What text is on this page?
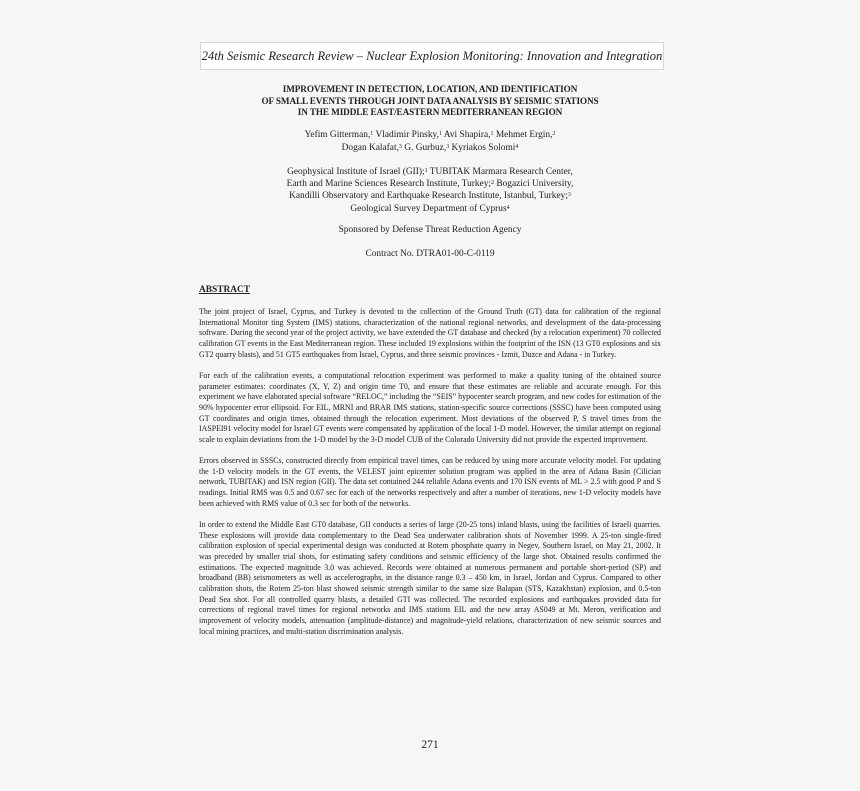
24th Seismic Research Review – Nuclear Explosion Monitoring: Innovation and Integration
IMPROVEMENT IN DETECTION, LOCATION, AND IDENTIFICATION
OF SMALL EVENTS THROUGH JOINT DATA ANALYSIS BY SEISMIC STATIONS
IN THE MIDDLE EAST/EASTERN MEDITERRANEAN REGION
Yefim Gitterman,$^1$ Vladimir Pinsky,$^1$ Avi Shapira,$^1$ Mehmet Ergin,$^2$
Dogan Kalafat,$^3$ G. Gurbuz,$^3$ Kyriakos Solomi$^4$
Geophysical Institute of Israel (GII);$^1$ TUBITAK Marmara Research Center,
Earth and Marine Sciences Research Institute, Turkey;$^2$ Bogazici University,
Kandilli Observatory and Earthquake Research Institute, Istanbul, Turkey;$^3$
Geological Survey Department of Cyprus$^4$
Sponsored by Defense Threat Reduction Agency
Contract No. DTRA01-00-C-0119
ABSTRACT

The joint project of Israel, Cyprus, and Turkey is devoted to the collection of the Ground Truth (GT) data for calibration of the regional International Monitor ting System (IMS) stations, characterization of the national regional networks, and development of the data-processing software. During the second year of the project activity, we have extended the GT database and checked (by a relocation experiment) 70 collected calibration GT events in the East Mediterranean region. These included 19 explosions within the footprint of the ISN (13 GT0 explosions and six GT2 quarry blasts), and 51 GT5 earthquakes from Israel, Cyprus, and three seismic provinces - Izmit, Duzce and Adana - in Turkey.

For each of the calibration events, a computational relocation experiment was performed to make a quality tuning of the obtained source parameter estimates: coordinates (X, Y, Z) and origin time T0, and ensure that these estimates are reliable and accurate enough. For this experiment we have elaborated special software “RELOC,” including the “SEIS” hypocenter search program, and new codes for estimation of the 90% hypocenter error ellipsoid. For EIL, MRNI and BRAR IMS stations, station-specific source corrections (SSSC) have been computed using GT coordinates and origin times, obtained through the relocation experiment. Most deviations of the observed P, S travel times from the IASPEI91 velocity model for Israel GT events were compensated by application of the local 1-D model. However, the similar attempt on regional scale to explain deviations from the 1-D model by the 3-D model CUB of the Colorado University did not provide the expected improvement.

Errors observed in SSSCs, constructed directly from empirical travel times, can be reduced by using more accurate velocity model. For updating the 1-D velocity models in the GT events, the VELEST joint epicenter solution program was applied in the area of Adana Basin (Cilician network, TUBITAK) and ISN region (GII). The data set contained 244 reliable Adana events and 170 ISN events of ML > 2.5 with good P and S readings. Initial RMS was 0.5 and 0.67 sec for each of the networks respectively and after a number of iterations, new 1-D velocity models have been achieved with RMS value of 0.3 sec for both of the networks.

In order to extend the Middle East GT0 database, GII conducts a series of large (20-25 tons) inland blasts, using the facilities of Israeli quarries. These explosions will provide data complementary to the Dead Sea underwater calibration shots of November 1999. A 25-ton single-fired calibration explosion of special experimental design was conducted at Rotem phosphate quarry in Negev, Southern Israel, on May 21, 2002. It was preceded by smaller trial shots, for estimating safety conditions and seismic efficiency of the large shot. Obtained results confirmed the estimations. The expected magnitude 3.0 was achieved. Records were obtained at numerous permanent and portable short-period (SP) and broadband (BB) seismometers as well as accelerographs, in the distance range 0.3 – 450 km, in Israel, Jordan and Cyprus. Compared to other calibration shots, the Rotem 25-ton blast showed seismic strength similar to the same size Balapan (STS, Kazakhstan) explosion, and 0.5-ton Dead Sea shot. For all controlled quarry blasts, a detailed GTI was collected. The recorded explosions and earthquakes provided data for corrections of regional travel times for regional networks and IMS stations EIL and the new array AS049 at Mt. Meron, verification and improvement of velocity models, attenuation (amplitude-distance) and magnitude-yield relations, characterization of new seismic sources and local mining practices, and multi-station discrimination analysis.

271
